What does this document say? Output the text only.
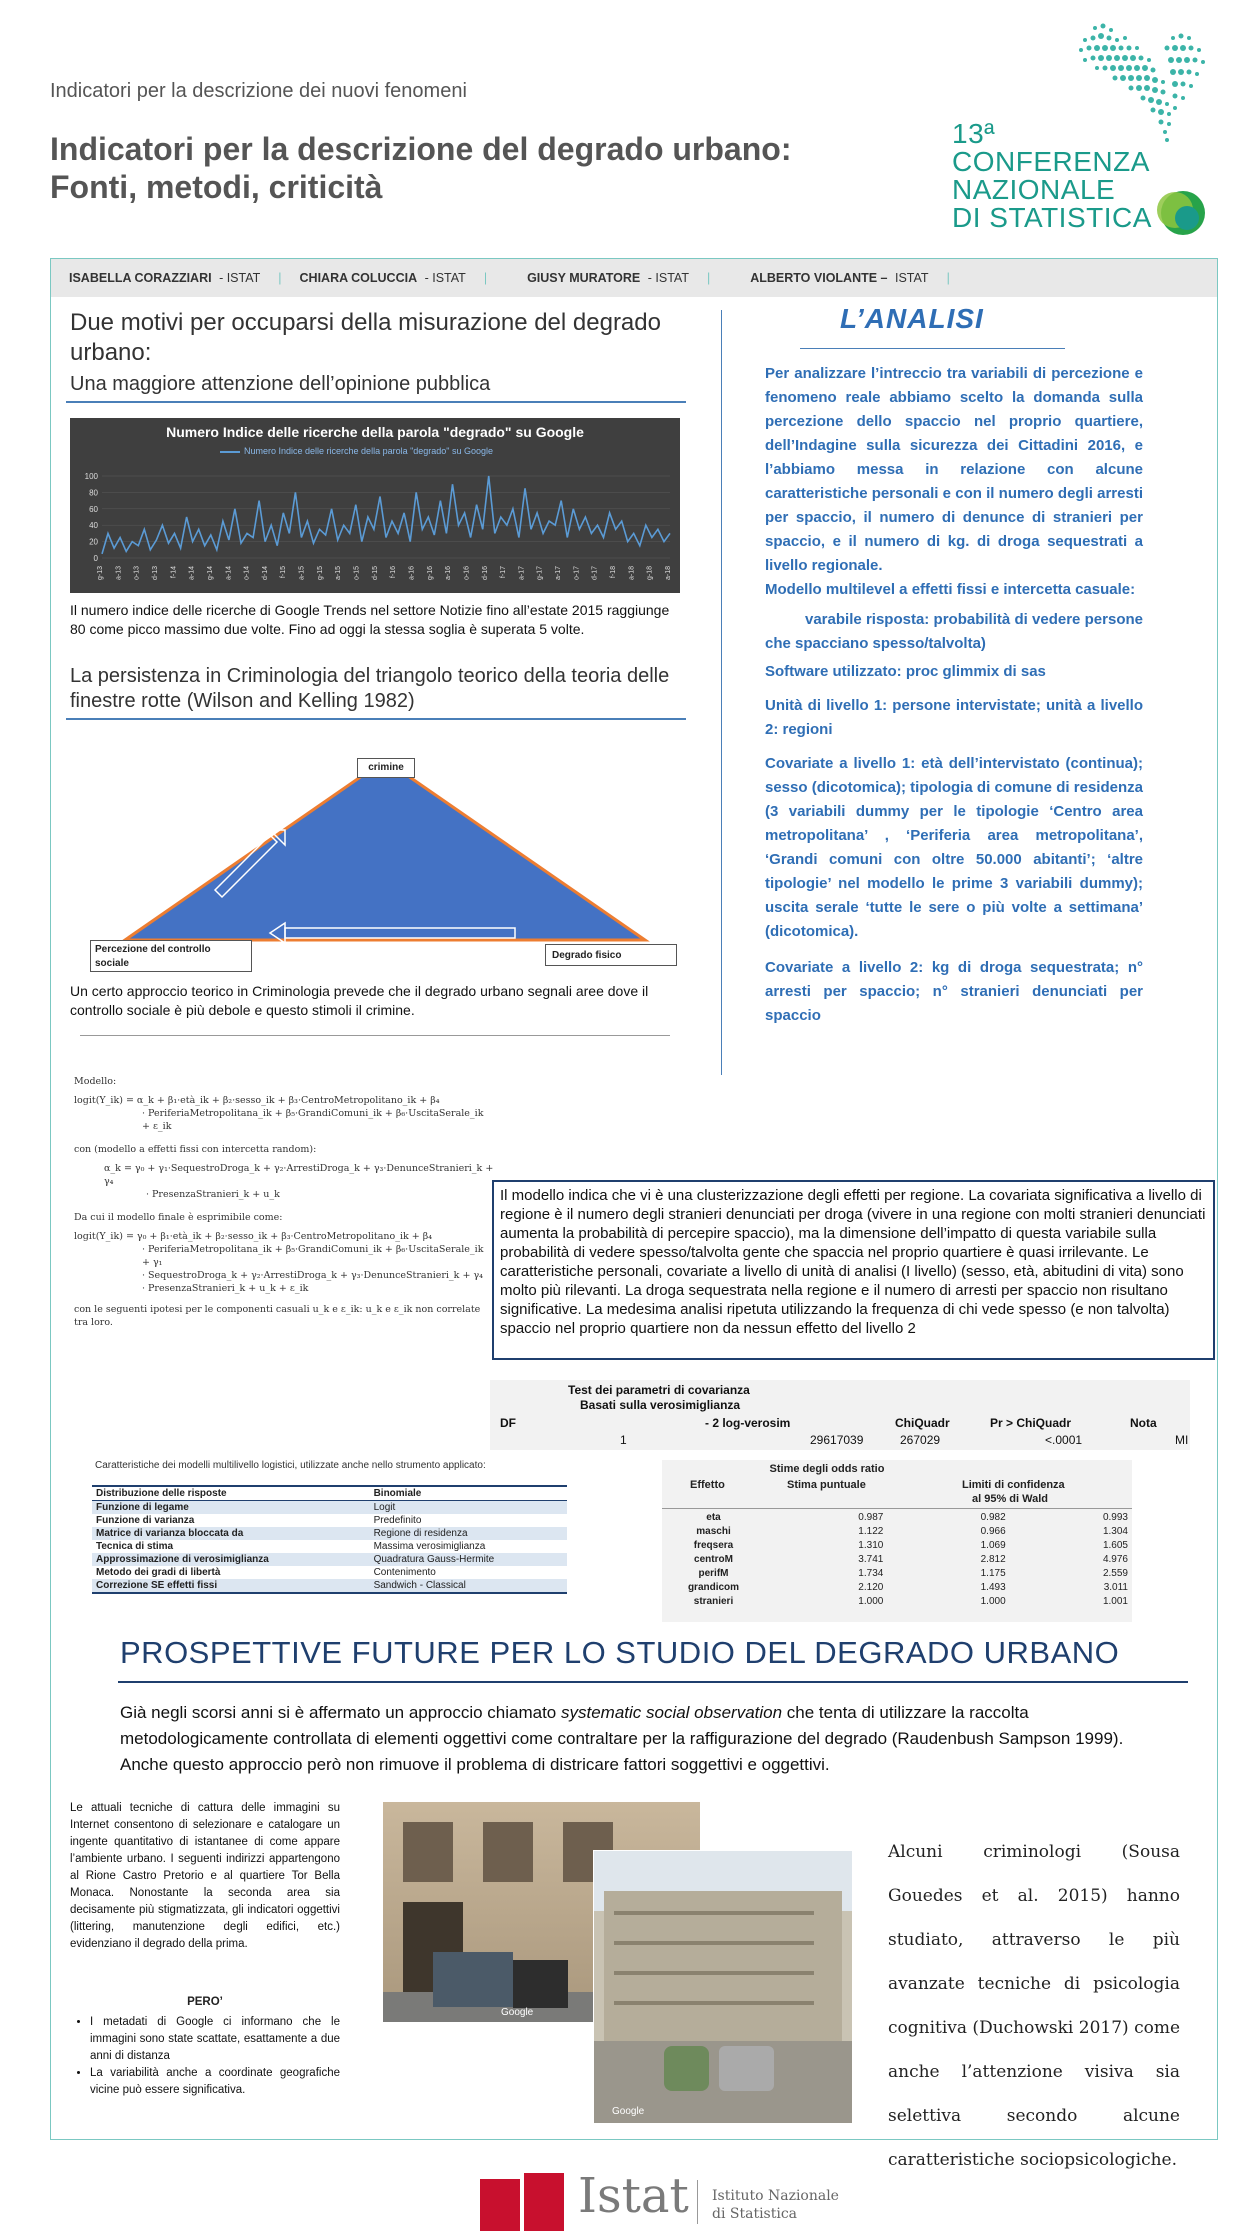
Indicatori per la descrizione dei nuovi fenomeni
Indicatori per la descrizione del degrado urbano:
Fonti, metodi, criticità
13ª
CONFERENZA
NAZIONALE
DI STATISTICA
ISABELLA CORAZZIARI - ISTAT | CHIARA COLUCCIA - ISTAT |	GIUSY MURATORE - ISTAT |	ALBERTO VIOLANTE – ISTAT |
Due motivi per occuparsi della misurazione del degrado urbano:
Una maggiore attenzione dell’opinione pubblica
Numero Indice delle ricerche della parola "degrado" su Google
Numero Indice delle ricerche della parola "degrado" su Google
0
20
40
60
80
100
g-13 a-13 o-13 d-13 f-14 a-14 g-14 a-14 o-14 d-14 f-15 a-15 g-15 a-15 o-15 d-15 f-16 a-16 g-16 a-16 o-16 d-16 f-17 a-17 g-17 a-17 o-17 d-17 f-18 a-18 g-18 a-18
Il numero indice delle ricerche di Google Trends nel settore Notizie fino all’estate 2015 raggiunge 80 come picco massimo due volte. Fino ad oggi la stessa soglia è superata 5 volte.
La persistenza in Criminologia del triangolo teorico della teoria delle finestre rotte (Wilson and Kelling 1982)
crimine
Percezione del controllo sociale
Degrado fisico
Un certo approccio teorico in Criminologia prevede che il degrado urbano segnali aree dove il controllo sociale è più debole e questo stimoli il crimine.
L’ANALISI
Per analizzare l’intreccio tra variabili di percezione e fenomeno reale abbiamo scelto la domanda sulla percezione dello spaccio nel proprio quartiere, dell’Indagine sulla sicurezza dei Cittadini 2016, e l’abbiamo messa in relazione con alcune caratteristiche personali e con il numero degli arresti per spaccio, il numero di denunce di stranieri per spaccio, e il numero di kg. di droga sequestrati a livello regionale.
Modello multilevel a effetti fissi e intercetta casuale:
varabile risposta: probabilità di vedere persone che spacciano spesso/talvolta)
Software utilizzato: proc glimmix di sas
Unità di livello 1: persone intervistate; unità a livello 2: regioni
Covariate a livello 1: età dell’intervistato (continua); sesso (dicotomica); tipologia di comune di residenza (3 variabili dummy per le tipologie ‘Centro area metropolitana’ , ‘Periferia area metropolitana’, ‘Grandi comuni con oltre 50.000 abitanti’; ‘altre tipologie’ nel modello le prime 3 variabili dummy); uscita serale ‘tutte le sere o più volte a settimana’ (dicotomica).
Covariate a livello 2: kg di droga sequestrata; n° arresti per spaccio; n° stranieri denunciati per spaccio
Modello:
logit(Y_ik) = α_k + β₁·età_ik + β₂·sesso_ik + β₃·CentroMetropolitano_ik + β₄
· PeriferiaMetropolitana_ik + β₅·GrandiComuni_ik + β₆·UscitaSerale_ik + ε_ik
con (modello a effetti fissi con intercetta random):
α_k = γ₀ + γ₁·SequestroDroga_k + γ₂·ArrestiDroga_k + γ₃·DenunceStranieri_k + γ₄
· PresenzaStranieri_k + u_k
Da cui il modello finale è esprimibile come:
logit(Y_ik) = γ₀ + β₁·età_ik + β₂·sesso_ik + β₃·CentroMetropolitano_ik + β₄
· PeriferiaMetropolitana_ik + β₅·GrandiComuni_ik + β₆·UscitaSerale_ik + γ₁
· SequestroDroga_k + γ₂·ArrestiDroga_k + γ₃·DenunceStranieri_k + γ₄
· PresenzaStranieri_k + u_k + ε_ik
con le seguenti ipotesi per le componenti casuali u_k e ε_ik: u_k e ε_ik non correlate tra loro.
Il modello indica che vi è una clusterizzazione degli effetti per regione. La covariata significativa a livello di regione è il numero degli stranieri denunciati per droga (vivere in una regione con molti stranieri denunciati aumenta la probabilità di percepire spaccio), ma la dimensione dell’impatto di questa variabile sulla probabilità di vedere spesso/talvolta gente che spaccia nel proprio quartiere è quasi irrilevante. Le caratteristiche personali, covariate a livello di unità di analisi (I livello) (sesso, età, abitudini di vita) sono molto più rilevanti. La droga sequestrata nella regione e il numero di arresti per spaccio non risultano significative. La medesima analisi ripetuta utilizzando la frequenza di chi vede spesso (e non talvolta) spaccio nel proprio quartiere non da nessun effetto del livello 2
Test dei parametri di covarianza
Basati sulla verosimiglianza
DF	- 2 log-verosim	ChiQuadr	Pr > ChiQuadr	Nota
1	29617039	267029	<.0001	MI
Caratteristiche dei modelli multilivello logistici, utilizzate anche nello strumento applicato:
Distribuzione delle risposte	Binomiale
Funzione di legame	Logit
Funzione di varianza	Predefinito
Matrice di varianza bloccata da	Regione di residenza
Tecnica di stima	Massima verosimiglianza
Approssimazione di verosimiglianza	Quadratura Gauss-Hermite
Metodo dei gradi di libertà	Contenimento
Correzione SE effetti fissi	Sandwich - Classical
Stime degli odds ratio
Effetto	Stima puntuale	Limiti di confidenza
al 95% di Wald
eta	0.987	0.982	0.993
maschi	1.122	0.966	1.304
freqsera	1.310	1.069	1.605
centroM	3.741	2.812	4.976
perifM	1.734	1.175	2.559
grandicom	2.120	1.493	3.011
stranieri	1.000	1.000	1.001
PROSPETTIVE FUTURE PER LO STUDIO DEL DEGRADO URBANO
Già negli scorsi anni si è affermato un approccio chiamato systematic social observation che tenta di utilizzare la raccolta metodologicamente controllata di elementi oggettivi come contraltare per la raffigurazione del degrado (Raudenbush Sampson 1999). Anche questo approccio però non rimuove il problema di districare fattori soggettivi e oggettivi.
Le attuali tecniche di cattura delle immagini su Internet consentono di selezionare e catalogare un ingente quantitativo di istantanee di come appare l’ambiente urbano. I seguenti indirizzi appartengono al Rione Castro Pretorio e al quartiere Tor Bella Monaca. Nonostante la seconda area sia decisamente più stigmatizzata, gli indicatori oggettivi (littering, manutenzione degli edifici, etc.) evidenziano il degrado della prima.
PERO’
• I metadati di Google ci informano che le immagini sono state scattate, esattamente a due anni di distanza
• La variabilità anche a coordinate geografiche vicine può essere significativa.
Google
Google
Alcuni criminologi (Sousa Gouedes et al. 2015) hanno studiato, attraverso le più avanzate tecniche di psicologia cognitiva (Duchowski 2017) come anche l’attenzione visiva sia selettiva secondo alcune caratteristiche sociopsicologiche.
Istat Istituto Nazionale
di Statistica
